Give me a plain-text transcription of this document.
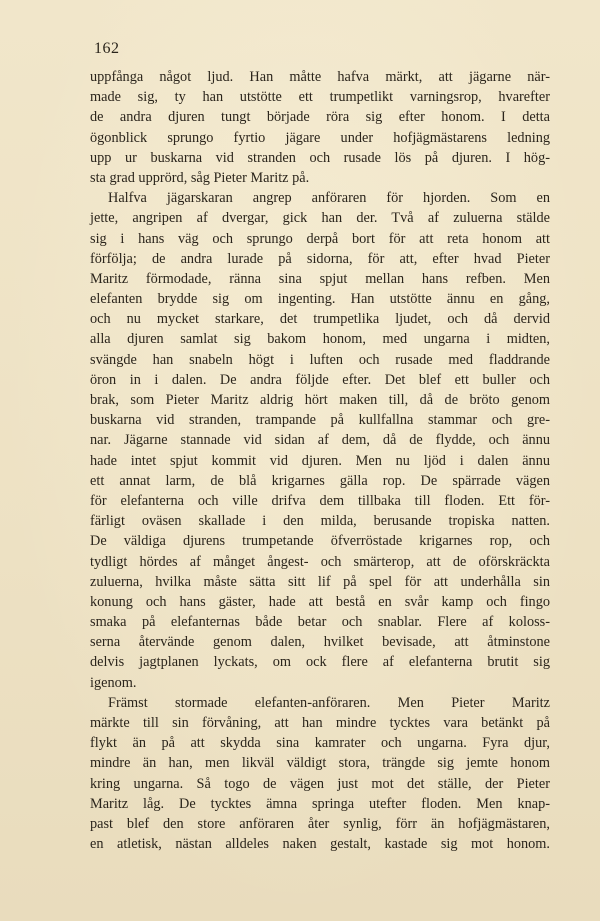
162
uppfånga något ljud. Han måtte hafva märkt, att jägarne när-
made sig, ty han utstötte ett trumpetlikt varningsrop, hvarefter
de andra djuren tungt började röra sig efter honom. I detta
ögonblick sprungo fyrtio jägare under hofjägmästarens ledning
upp ur buskarna vid stranden och rusade lös på djuren. I hög-
sta grad upprörd, såg Pieter Maritz på.
Halfva jägarskaran angrep anföraren för hjorden. Som en
jette, angripen af dvergar, gick han der. Två af zuluerna stälde
sig i hans väg och sprungo derpå bort för att reta honom att
förfölja; de andra lurade på sidorna, för att, efter hvad Pieter
Maritz förmodade, ränna sina spjut mellan hans refben. Men
elefanten brydde sig om ingenting. Han utstötte ännu en gång,
och nu mycket starkare, det trumpetlika ljudet, och då dervid
alla djuren samlat sig bakom honom, med ungarna i midten,
svängde han snabeln högt i luften och rusade med fladdrande
öron in i dalen. De andra följde efter. Det blef ett buller och
brak, som Pieter Maritz aldrig hört maken till, då de bröto genom
buskarna vid stranden, trampande på kullfallna stammar och gre-
nar. Jägarne stannade vid sidan af dem, då de flydde, och ännu
hade intet spjut kommit vid djuren. Men nu ljöd i dalen ännu
ett annat larm, de blå krigarnes gälla rop. De spärrade vägen
för elefanterna och ville drifva dem tillbaka till floden. Ett för-
färligt oväsen skallade i den milda, berusande tropiska natten.
De väldiga djurens trumpetande öfverröstade krigarnes rop, och
tydligt hördes af månget ångest- och smärterop, att de oförskräckta
zuluerna, hvilka måste sätta sitt lif på spel för att underhålla sin
konung och hans gäster, hade att bestå en svår kamp och fingo
smaka på elefanternas både betar och snablar. Flere af koloss-
serna återvände genom dalen, hvilket bevisade, att åtminstone
delvis jagtplanen lyckats, om ock flere af elefanterna brutit sig
igenom.
Främst stormade elefanten-anföraren. Men Pieter Maritz
märkte till sin förvåning, att han mindre tycktes vara betänkt på
flykt än på att skydda sina kamrater och ungarna. Fyra djur,
mindre än han, men likväl väldigt stora, trängde sig jemte honom
kring ungarna. Så togo de vägen just mot det ställe, der Pieter
Maritz låg. De tycktes ämna springa utefter floden. Men knap-
past blef den store anföraren åter synlig, förr än hofjägmästaren,
en atletisk, nästan alldeles naken gestalt, kastade sig mot honom.
